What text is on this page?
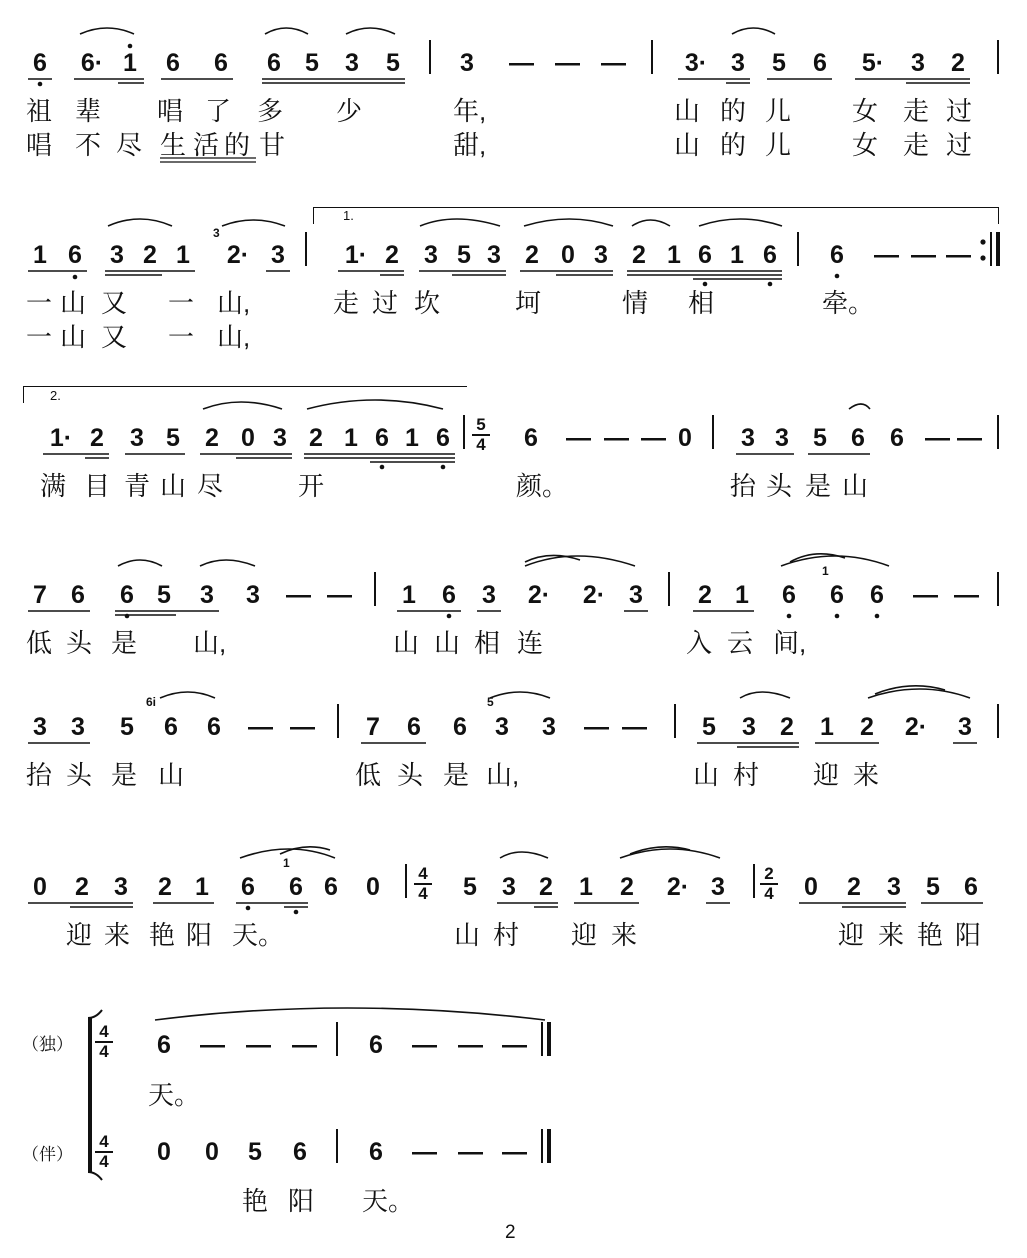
6 6· 1 6 6 6 5 3 5 3 — — — 3· 3 5 6 5· 3 2
祖 辈 唱 了 多 少	年,	山 的 儿 女 走 过
唱 不 尽 生 活 的 甘	甜,	山 的 儿 女 走 过
1 6 3 2 1 2· 3 1· 2 3 5 3 2 0 3 2 1 6 1 6 6 — — —
3
1.
一 山 又 一 山,	走 过 坎	坷	情 相	牵。
一 山 又 一 山,
2.
1· 2 3 5 2 0 3 2 1 6 1 6	6 — — — 0 3 3 5 6 6 — —
5
4
满 目 青 山 尽	开	颜。	抬 头 是 山
7 6 6 5 3 3 — — 1 6 3 2· 2· 3 2 1 6 6 6 — —
1
低 头 是 山,	山 山 相 连	入 云 间,
3 3 5 6 6 — — 7 6 6 3 3 — — 5 3 2 1 2 2· 3
6i	5
抬 头 是 山	低 头 是 山,	山 村 迎 来
0 2 3 2 1 6 6 6 0	5 3 2 1 2 2· 3	0 2 3 5 6
1
4
4
2
4
迎 来 艳 阳 天。	山 村 迎 来	迎 来 艳 阳
（独）
（伴）
4
4
4
4
6 — — — 6 — — —
天。
0 0 5 6 6 — — —
艳 阳 天。
2
